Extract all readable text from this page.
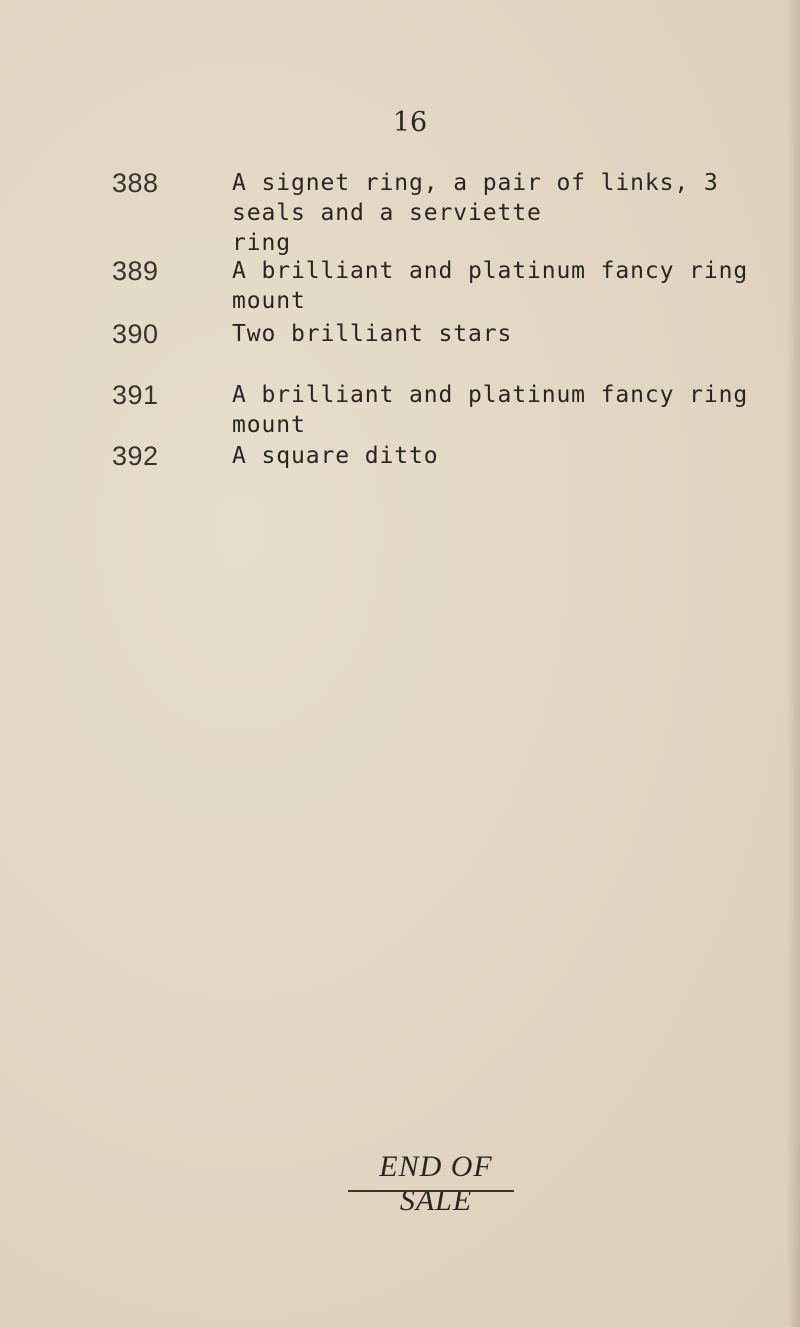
16
388	A signet ring, a pair of links, 3 seals and a serviette
ring
389	A brilliant and platinum fancy ring mount
390	Two brilliant stars
391	A brilliant and platinum fancy ring mount
392	A square ditto
END OF SALE
